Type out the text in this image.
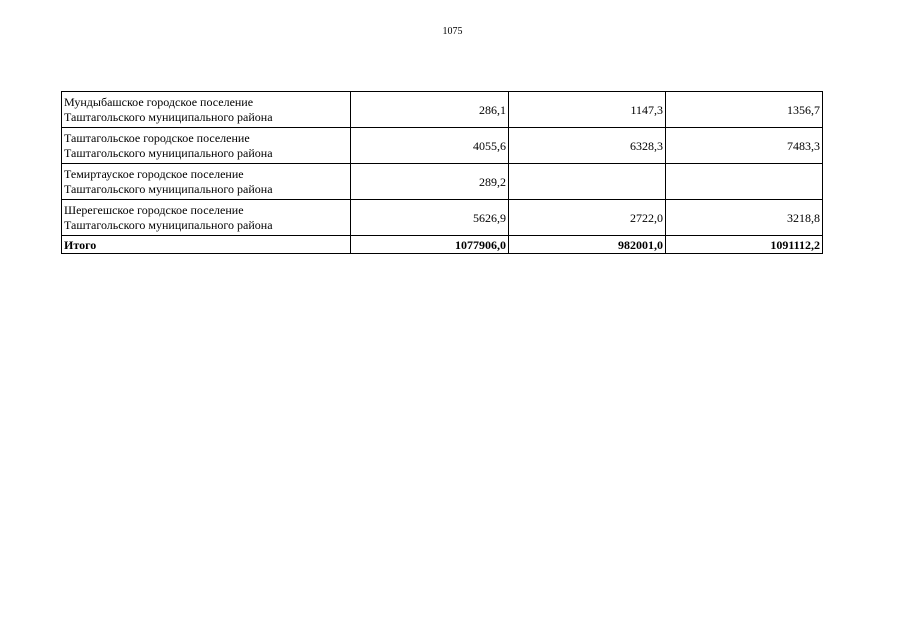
1075
Мундыбашское городское поселение
Таштагольского муниципального района	286,1	1147,3	1356,7

Таштагольское городское поселение
Таштагольского муниципального района	4055,6	6328,3	7483,3

Темиртауское городское поселение
Таштагольского муниципального района	289,2		

Шерегешское городское поселение
Таштагольского муниципального района	5626,9	2722,0	3218,8
Итого	1077906,0	982001,0	1091112,2
